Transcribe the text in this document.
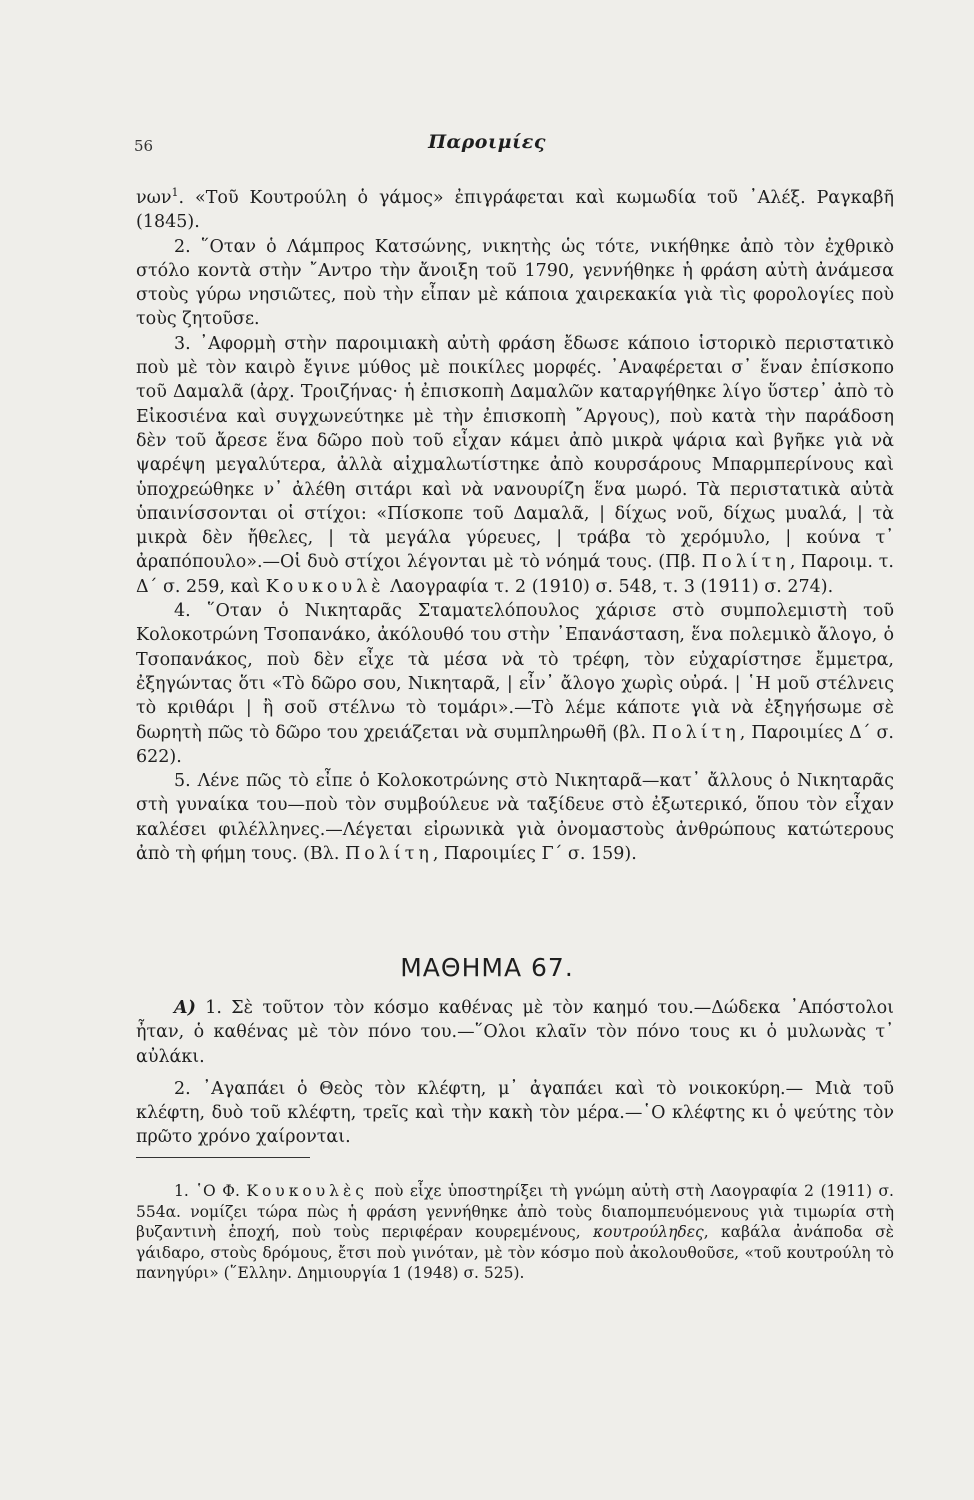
56	Παροιμίες

νων$^1$. «Τοῦ Κουτρούλη ὁ γάμος» ἐπιγράφεται καὶ κωμωδία τοῦ ᾿Αλέξ. Ραγκαβῆ (1845).

2. ῞Οταν ὁ Λάμπρος Κατσώνης, νικητὴς ὡς τότε, νικήθηκε ἀπὸ τὸν ἐχθρικὸ στόλο κοντὰ στὴν ῎Αντρο τὴν ἄνοιξη τοῦ 1790, γεννήθηκε ἡ φράση αὐτὴ ἀνάμεσα στοὺς γύρω νησιῶτες, ποὺ τὴν εἶπαν μὲ κάποια χαιρεκακία γιὰ τὶς φορολογίες ποὺ τοὺς ζητοῦσε.

3. ᾿Αφορμὴ στὴν παροιμιακὴ αὐτὴ φράση ἔδωσε κάποιο ἱστορικὸ περιστατικὸ ποὺ μὲ τὸν καιρὸ ἔγινε μύθος μὲ ποικίλες μορφές. ᾿Αναφέρεται σ᾿ ἕναν ἐπίσκοπο τοῦ Δαμαλᾶ (ἀρχ. Τροιζήνας· ἡ ἐπισκοπὴ Δαμαλῶν καταργήθηκε λίγο ὕστερ᾿ ἀπὸ τὸ Εἰκοσιένα καὶ συγχωνεύτηκε μὲ τὴν ἐπισκοπὴ ῎Αργους), ποὺ κατὰ τὴν παράδοση δὲν τοῦ ἄρεσε ἕνα δῶρο ποὺ τοῦ εἶχαν κάμει ἀπὸ μικρὰ ψάρια καὶ βγῆκε γιὰ νὰ ψαρέψη μεγαλύτερα, ἀλλὰ αἰχμαλωτίστηκε ἀπὸ κουρσάρους Μπαρμπερίνους καὶ ὑποχρεώθηκε ν᾿ ἀλέθη σιτάρι καὶ νὰ νανουρίζη ἕνα μωρό. Τὰ περιστατικὰ αὐτὰ ὑπαινίσσονται οἱ στίχοι: «Πίσκοπε τοῦ Δαμαλᾶ, | δίχως νοῦ, δίχως μυαλά, | τὰ μικρὰ δὲν ἤθελες, | τὰ μεγάλα γύρευες, | τράβα τὸ χερόμυλο, | κούνα τ᾿ ἀραπόπουλο».—Οἱ δυὸ στίχοι λέγονται μὲ τὸ νόημά τους. (Πβ. Πολίτη, Παροιμ. τ. Δ΄ σ. 259, καὶ Κουκουλὲ Λαογραφία τ. 2 (1910) σ. 548, τ. 3 (1911) σ. 274).

4. ῞Οταν ὁ Νικηταρᾶς Σταματελόπουλος χάρισε στὸ συμπολεμιστὴ τοῦ Κολοκοτρώνη Τσοπανάκο, ἀκόλουθό του στὴν ᾿Επανάσταση, ἕνα πολεμικὸ ἄλογο, ὁ Τσοπανάκος, ποὺ δὲν εἶχε τὰ μέσα νὰ τὸ τρέφη, τὸν εὐχαρίστησε ἔμμετρα, ἐξηγώντας ὅτι «Τὸ δῶρο σου, Νικηταρᾶ, | εἶν᾿ ἄλογο χωρὶς οὐρά. | ῾Η μοῦ στέλνεις τὸ κριθάρι | ἢ σοῦ στέλνω τὸ τομάρι».—Τὸ λέμε κάποτε γιὰ νὰ ἐξηγήσωμε σὲ δωρητὴ πῶς τὸ δῶρο του χρειάζεται νὰ συμπληρωθῆ (βλ. Πολίτη, Παροιμίες Δ΄ σ. 622).

5. Λένε πῶς τὸ εἶπε ὁ Κολοκοτρώνης στὸ Νικηταρᾶ—κατ᾿ ἄλλους ὁ Νικηταρᾶς στὴ γυναίκα του—ποὺ τὸν συμβούλευε νὰ ταξίδευε στὸ ἐξωτερικό, ὅπου τὸν εἶχαν καλέσει φιλέλληνες.—Λέγεται εἰρωνικὰ γιὰ ὀνομαστοὺς ἀνθρώπους κατώτερους ἀπὸ τὴ φήμη τους. (Βλ. Πολίτη, Παροιμίες Γ΄ σ. 159).

ΜΑΘΗΜΑ 67.

Α) 1. Σὲ τοῦτον τὸν κόσμο καθένας μὲ τὸν καημό του.—Δώδεκα ᾿Απόστολοι ἦταν, ὁ καθένας μὲ τὸν πόνο του.—῞Ολοι κλαῖν τὸν πόνο τους κι ὁ μυλωνὰς τ᾿ αὐλάκι.

2. ᾿Αγαπάει ὁ Θεὸς τὸν κλέφτη, μ᾿ ἀγαπάει καὶ τὸ νοικοκύρη.— Μιὰ τοῦ κλέφτη, δυὸ τοῦ κλέφτη, τρεῖς καὶ τὴν κακὴ τὸν μέρα.—῾Ο κλέφτης κι ὁ ψεύτης τὸν πρῶτο χρόνο χαίρονται.

1. ῾Ο Φ. Κουκουλὲς ποὺ εἶχε ὑποστηρίξει τὴ γνώμη αὐτὴ στὴ Λαογραφία 2 (1911) σ. 554α. νομίζει τώρα πὼς ἡ φράση γεννήθηκε ἀπὸ τοὺς διαπομπευόμενους γιὰ τιμωρία στὴ βυζαντινὴ ἐποχή, ποὺ τοὺς περιφέραν κουρεμένους, κουτρούληδες, καβάλα ἀνάποδα σὲ γάιδαρο, στοὺς δρόμους, ἔτσι ποὺ γινόταν, μὲ τὸν κόσμο ποὺ ἀκολουθοῦσε, «τοῦ κουτρούλη τὸ πανηγύρι» (῞Ελλην. Δημιουργία 1 (1948) σ. 525).
